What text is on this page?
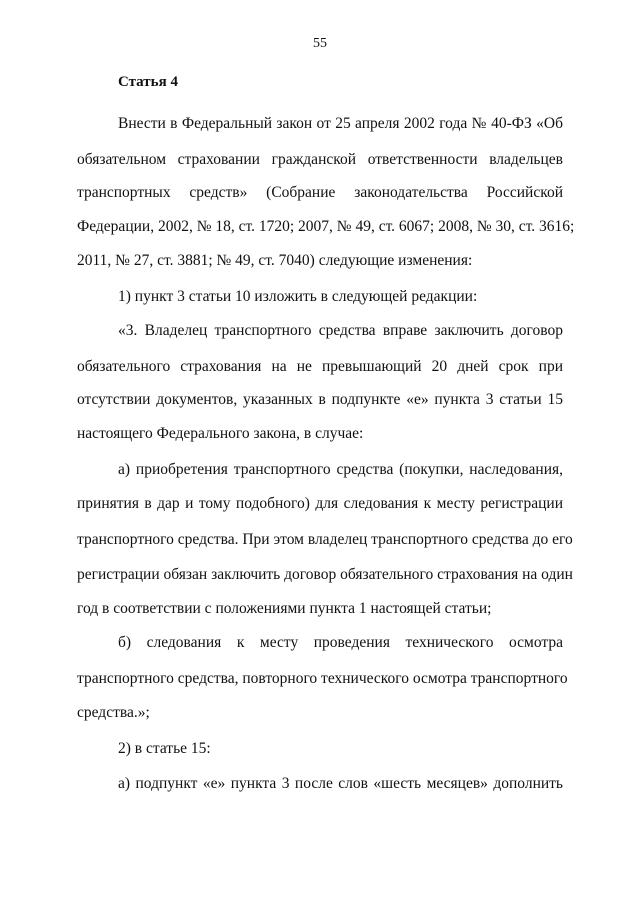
55
Статья 4
Внести в Федеральный закон от 25 апреля 2002 года № 40-ФЗ «Об
обязательном страховании гражданской ответственности владельцев
транспортных средств» (Собрание законодательства Российской
Федерации, 2002, № 18, ст. 1720; 2007, № 49, ст. 6067; 2008, № 30, ст. 3616;
2011, № 27, ст. 3881; № 49, ст. 7040) следующие изменения:
1) пункт 3 статьи 10 изложить в следующей редакции:
«3. Владелец транспортного средства вправе заключить договор
обязательного страхования на не превышающий 20 дней срок при
отсутствии документов, указанных в подпункте «е» пункта 3 статьи 15
настоящего Федерального закона, в случае:
а) приобретения транспортного средства (покупки, наследования,
принятия в дар и тому подобного) для следования к месту регистрации
транспортного средства. При этом владелец транспортного средства до его
регистрации обязан заключить договор обязательного страхования на один
год в соответствии с положениями пункта 1 настоящей статьи;
б) следования к месту проведения технического осмотра
транспортного средства, повторного технического осмотра транспортного
средства.»;
2) в статье 15:
а) подпункт «е» пункта 3 после слов «шесть месяцев» дополнить
